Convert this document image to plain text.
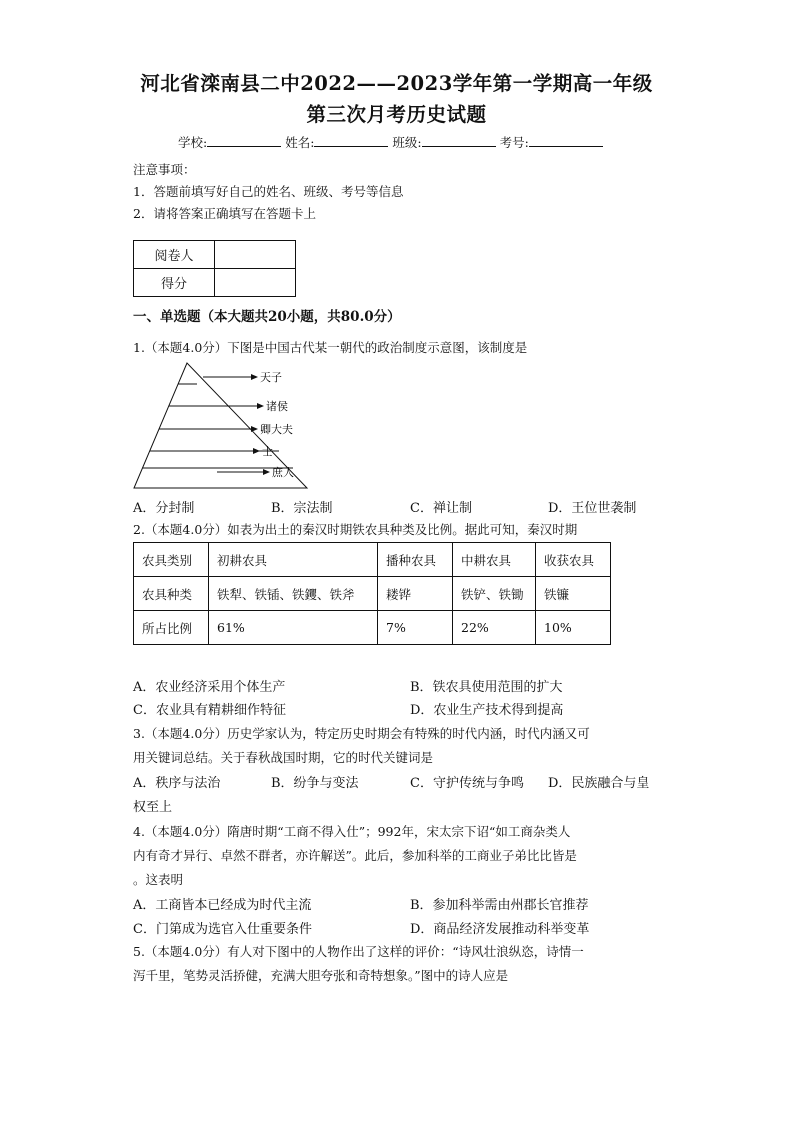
河北省滦南县二中2022——2023学年第一学期高一年级
第三次月考历史试题
学校:	姓名:	班级:	考号:
注意事项：
1．答题前填写好自己的姓名、班级、考号等信息
2．请将答案正确填写在答题卡上
阅卷人	
得分	
一、单选题（本大题共20小题，共80.0分）
1.（本题4.0分）下图是中国古代某一朝代的政治制度示意图，该制度是
天子
诸侯
卿大夫
士
庶人
A．分封制	B．宗法制	C．禅让制	D．王位世袭制
2.（本题4.0分）如表为出土的秦汉时期铁农具种类及比例。据此可知，秦汉时期
农具类别	初耕农具	播种农具	中耕农具	收获农具
农具种类	铁犁、铁锸、铁钁、铁斧	耧铧	铁铲、铁锄	铁镰
所占比例	61%	7%	22%	10%
A．农业经济采用个体生产	B．铁农具使用范围的扩大
C．农业具有精耕细作特征	D．农业生产技术得到提高
3.（本题4.0分）历史学家认为，特定历史时期会有特殊的时代内涵，时代内涵又可
用关键词总结。关于春秋战国时期，它的时代关键词是
A．秩序与法治	B．纷争与变法	C．守护传统与争鸣 D．民族融合与皇
权至上
4.（本题4.0分）隋唐时期“工商不得入仕”；992年，宋太宗下诏“如工商杂类人
内有奇才异行、卓然不群者，亦许解送”。此后，参加科举的工商业子弟比比皆是
。这表明
A．工商皆本已经成为时代主流	B．参加科举需由州郡长官推荐
C．门第成为选官入仕重要条件	D．商品经济发展推动科举变革
5.（本题4.0分）有人对下图中的人物作出了这样的评价：“诗风壮浪纵恣，诗情一
泻千里，笔势灵活挢健，充满大胆夸张和奇特想象。”图中的诗人应是
